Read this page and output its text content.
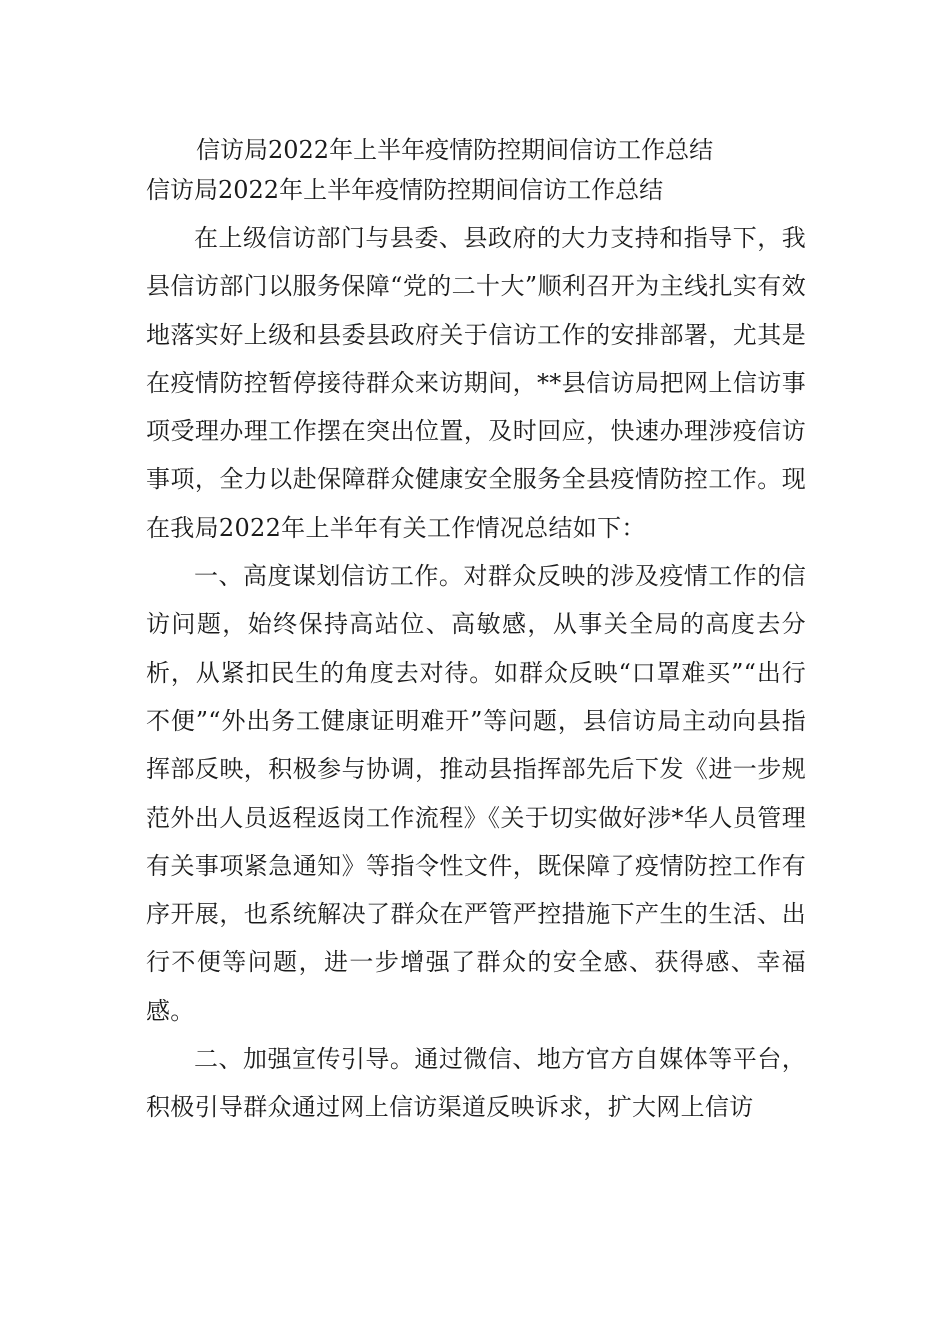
信访局2022年上半年疫情防控期间信访工作总结
信访局2022年上半年疫情防控期间信访工作总结

在上级信访部门与县委、县政府的大力支持和指导下，我县信访部门以服务保障“党的二十大”顺利召开为主线扎实有效地落实好上级和县委县政府关于信访工作的安排部署，尤其是在疫情防控暂停接待群众来访期间，**县信访局把网上信访事项受理办理工作摆在突出位置，及时回应，快速办理涉疫信访事项，全力以赴保障群众健康安全服务全县疫情防控工作。现在我局2022年上半年有关工作情况总结如下：

一、高度谋划信访工作。对群众反映的涉及疫情工作的信访问题，始终保持高站位、高敏感，从事关全局的高度去分析，从紧扣民生的角度去对待。如群众反映“口罩难买”“出行不便”“外出务工健康证明难开”等问题，县信访局主动向县指挥部反映，积极参与协调，推动县指挥部先后下发《进一步规范外出人员返程返岗工作流程》《关于切实做好涉*华人员管理有关事项紧急通知》等指令性文件，既保障了疫情防控工作有序开展，也系统解决了群众在严管严控措施下产生的生活、出行不便等问题，进一步增强了群众的安全感、获得感、幸福感。

二、加强宣传引导。通过微信、地方官方自媒体等平台，积极引导群众通过网上信访渠道反映诉求，扩大网上信访
